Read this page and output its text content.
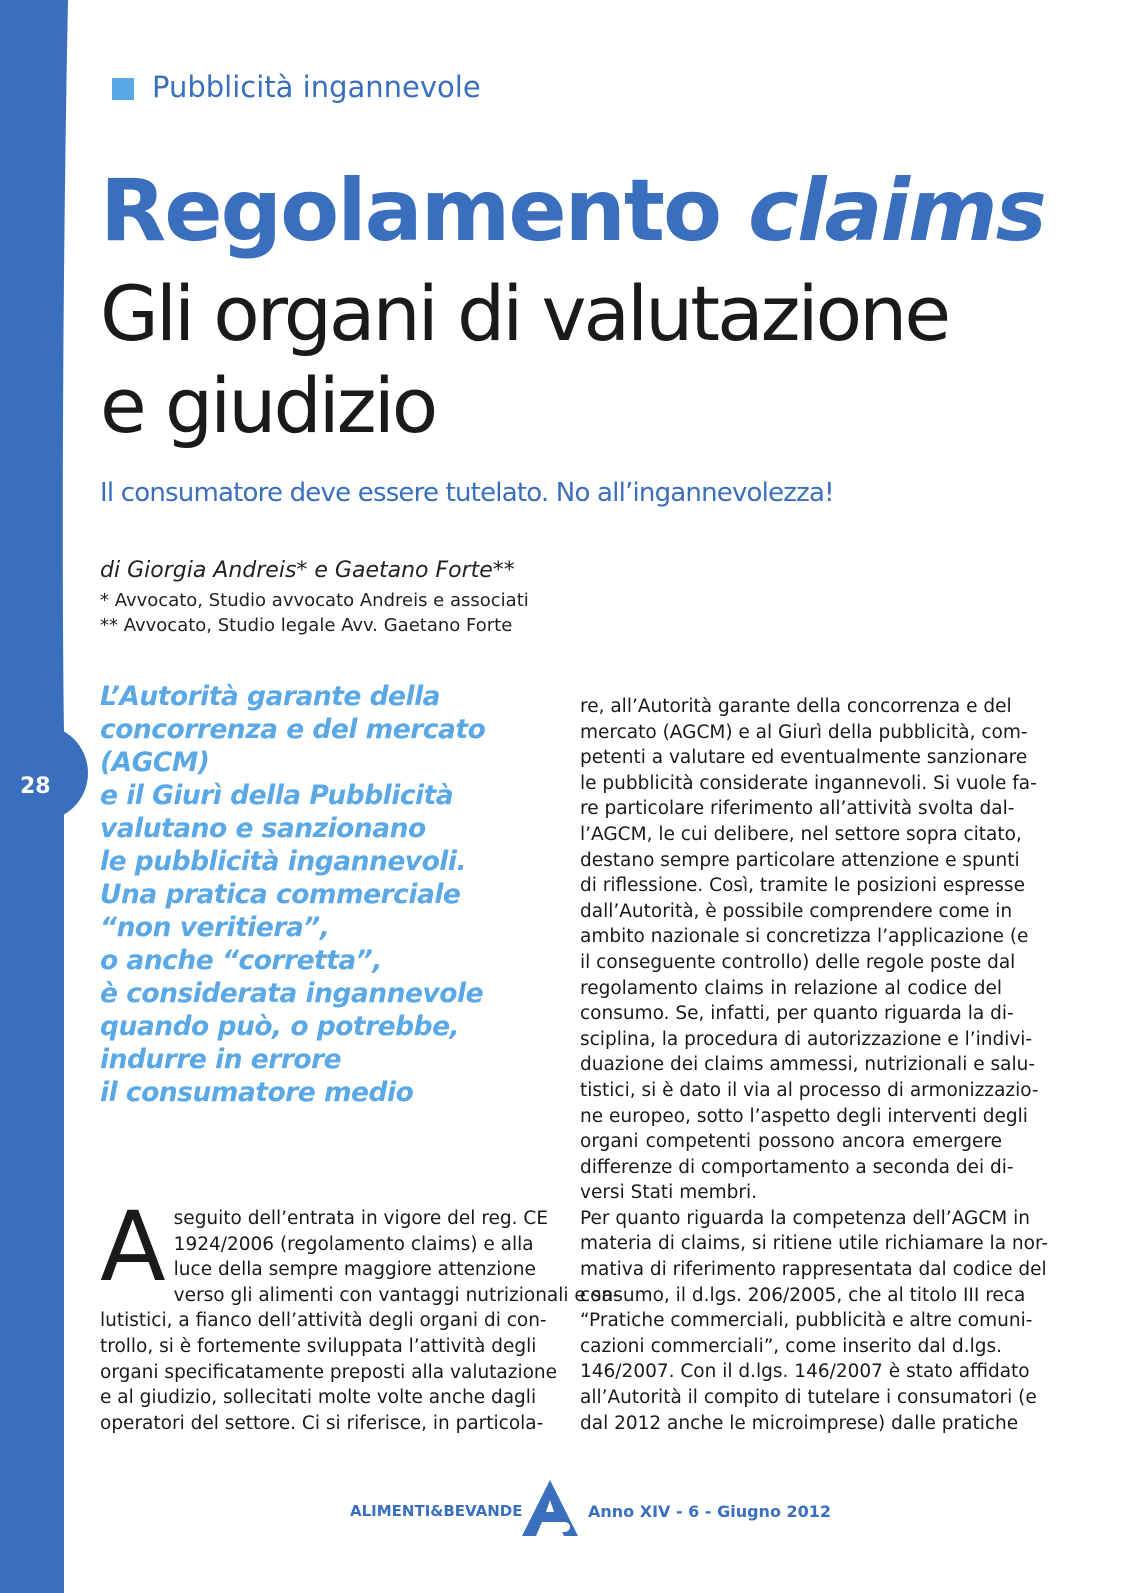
28
Pubblicità ingannevole
Regolamento claims
Gli organi di valutazione
e giudizio
Il consumatore deve essere tutelato. No all’ingannevolezza!
di Giorgia Andreis* e Gaetano Forte**
* Avvocato, Studio avvocato Andreis e associati
** Avvocato, Studio legale Avv. Gaetano Forte
L’Autorità garante della
concorrenza e del mercato
(AGCM)
e il Giurì della Pubblicità
valutano e sanzionano
le pubblicità ingannevoli.
Una pratica commerciale
“non veritiera”,
o anche “corretta”,
è considerata ingannevole
quando può, o potrebbe,
indurre in errore
il consumatore medio
A seguito dell’entrata in vigore del reg. CE
1924/2006 (regolamento claims) e alla
luce della sempre maggiore attenzione
verso gli alimenti con vantaggi nutrizionali e sa-
lutistici, a fianco dell’attività degli organi di con-
trollo, si è fortemente sviluppata l’attività degli
organi specificatamente preposti alla valutazione
e al giudizio, sollecitati molte volte anche dagli
operatori del settore. Ci si riferisce, in particola-
re, all’Autorità garante della concorrenza e del
mercato (AGCM) e al Giurì della pubblicità, com-
petenti a valutare ed eventualmente sanzionare
le pubblicità considerate ingannevoli. Si vuole fa-
re particolare riferimento all’attività svolta dal-
l’AGCM, le cui delibere, nel settore sopra citato,
destano sempre particolare attenzione e spunti
di riflessione. Così, tramite le posizioni espresse
dall’Autorità, è possibile comprendere come in
ambito nazionale si concretizza l’applicazione (e
il conseguente controllo) delle regole poste dal
regolamento claims in relazione al codice del
consumo. Se, infatti, per quanto riguarda la di-
sciplina, la procedura di autorizzazione e l’indivi-
duazione dei claims ammessi, nutrizionali e salu-
tistici, si è dato il via al processo di armonizzazio-
ne europeo, sotto l’aspetto degli interventi degli
organi competenti possono ancora emergere
differenze di comportamento a seconda dei di-
versi Stati membri.
Per quanto riguarda la competenza dell’AGCM in
materia di claims, si ritiene utile richiamare la nor-
mativa di riferimento rappresentata dal codice del
consumo, il d.lgs. 206/2005, che al titolo III reca
“Pratiche commerciali, pubblicità e altre comuni-
cazioni commerciali”, come inserito dal d.lgs.
146/2007. Con il d.lgs. 146/2007 è stato affidato
all’Autorità il compito di tutelare i consumatori (e
dal 2012 anche le microimprese) dalle pratiche
ALIMENTI&BEVANDE	Anno XIV - 6 - Giugno 2012
